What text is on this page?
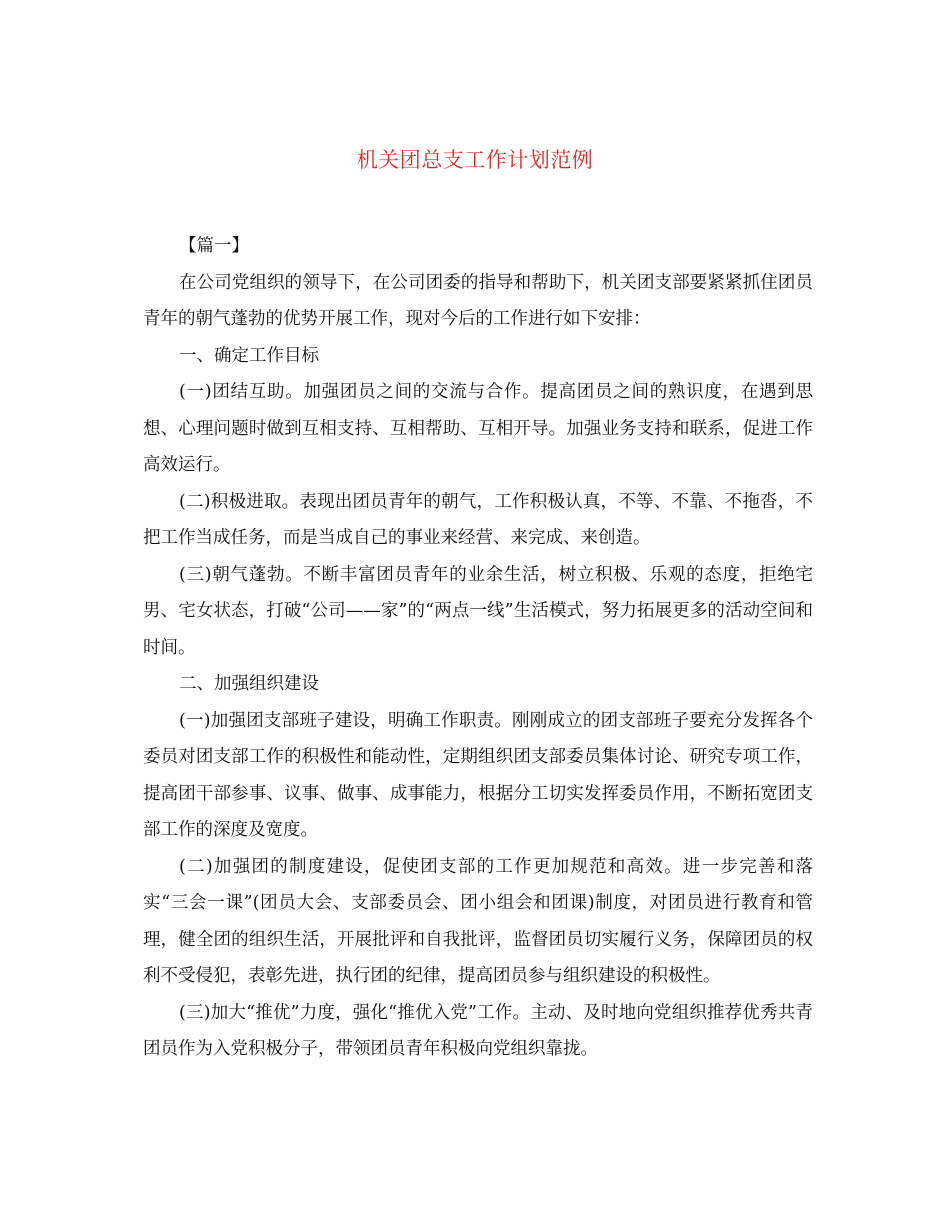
机关团总支工作计划范例

【篇一】

在公司党组织的领导下，在公司团委的指导和帮助下，机关团支部要紧紧抓住团员青年的朝气蓬勃的优势开展工作，现对今后的工作进行如下安排：

一、确定工作目标

(一)团结互助。加强团员之间的交流与合作。提高团员之间的熟识度，在遇到思想、心理问题时做到互相支持、互相帮助、互相开导。加强业务支持和联系，促进工作高效运行。

(二)积极进取。表现出团员青年的朝气，工作积极认真，不等、不靠、不拖沓，不把工作当成任务，而是当成自己的事业来经营、来完成、来创造。

(三)朝气蓬勃。不断丰富团员青年的业余生活，树立积极、乐观的态度，拒绝宅男、宅女状态，打破“公司——家”的“两点一线”生活模式，努力拓展更多的活动空间和时间。

二、加强组织建设

(一)加强团支部班子建设，明确工作职责。刚刚成立的团支部班子要充分发挥各个委员对团支部工作的积极性和能动性，定期组织团支部委员集体讨论、研究专项工作，提高团干部参事、议事、做事、成事能力，根据分工切实发挥委员作用，不断拓宽团支部工作的深度及宽度。

(二)加强团的制度建设，促使团支部的工作更加规范和高效。进一步完善和落实“三会一课”(团员大会、支部委员会、团小组会和团课)制度，对团员进行教育和管理，健全团的组织生活，开展批评和自我批评，监督团员切实履行义务，保障团员的权利不受侵犯，表彰先进，执行团的纪律，提高团员参与组织建设的积极性。

(三)加大“推优”力度，强化“推优入党”工作。主动、及时地向党组织推荐优秀共青团员作为入党积极分子，带领团员青年积极向党组织靠拢。
